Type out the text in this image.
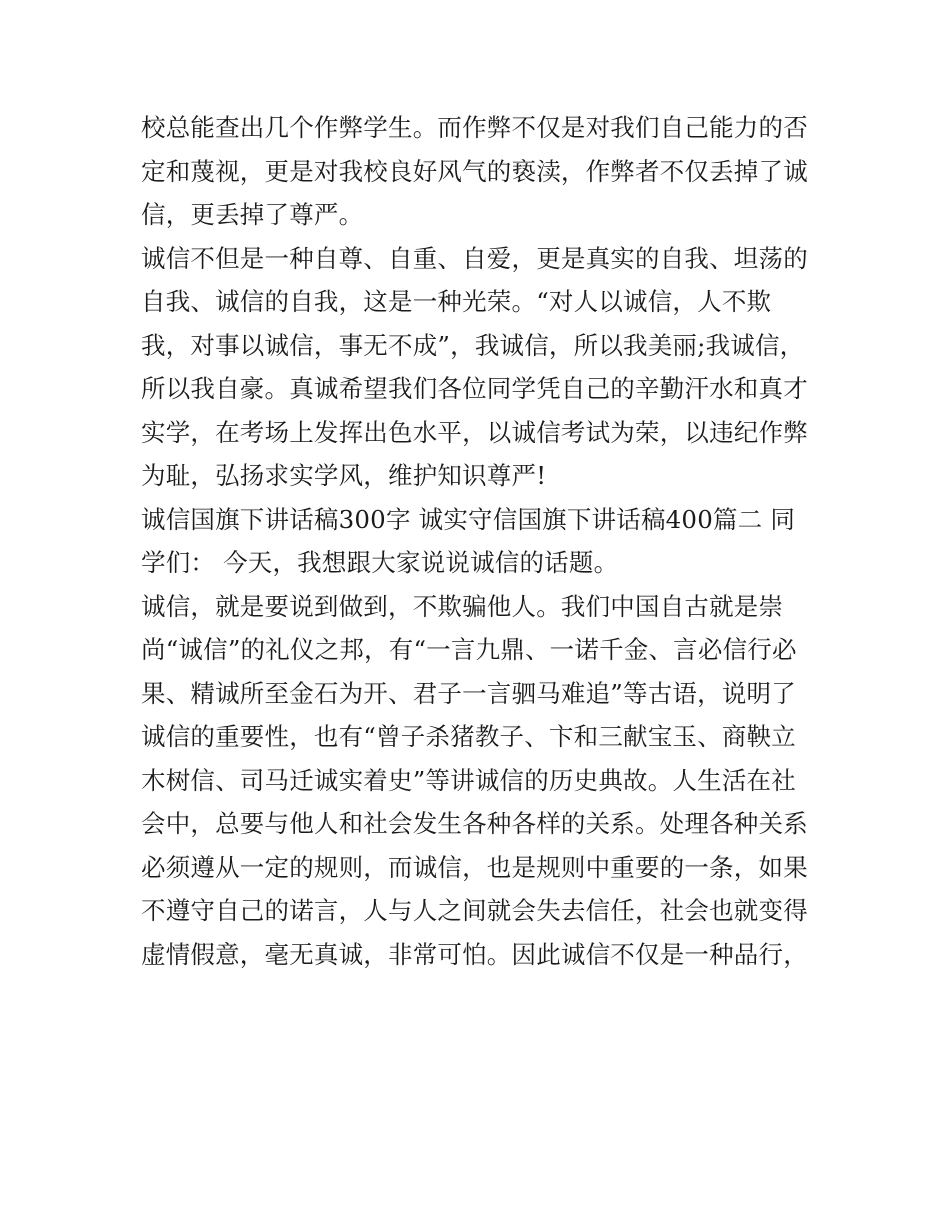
校总能查出几个作弊学生。而作弊不仅是对我们自己能力的否
定和蔑视，更是对我校良好风气的亵渎，作弊者不仅丢掉了诚
信，更丢掉了尊严。
诚信不但是一种自尊、自重、自爱，更是真实的自我、坦荡的
自我、诚信的自我，这是一种光荣。“对人以诚信，人不欺
我，对事以诚信，事无不成”，我诚信，所以我美丽;我诚信，
所以我自豪。真诚希望我们各位同学凭自己的辛勤汗水和真才
实学，在考场上发挥出色水平，以诚信考试为荣，以违纪作弊
为耻，弘扬求实学风，维护知识尊严!
诚信国旗下讲话稿300字 诚实守信国旗下讲话稿400篇二 同
学们： 今天，我想跟大家说说诚信的话题。
诚信，就是要说到做到，不欺骗他人。我们中国自古就是崇
尚“诚信”的礼仪之邦，有“一言九鼎、一诺千金、言必信行必
果、精诚所至金石为开、君子一言驷马难追”等古语，说明了
诚信的重要性，也有“曾子杀猪教子、卞和三献宝玉、商鞅立
木树信、司马迁诚实着史”等讲诚信的历史典故。人生活在社
会中，总要与他人和社会发生各种各样的关系。处理各种关系
必须遵从一定的规则，而诚信，也是规则中重要的一条，如果
不遵守自己的诺言，人与人之间就会失去信任，社会也就变得
虚情假意，毫无真诚，非常可怕。因此诚信不仅是一种品行，
